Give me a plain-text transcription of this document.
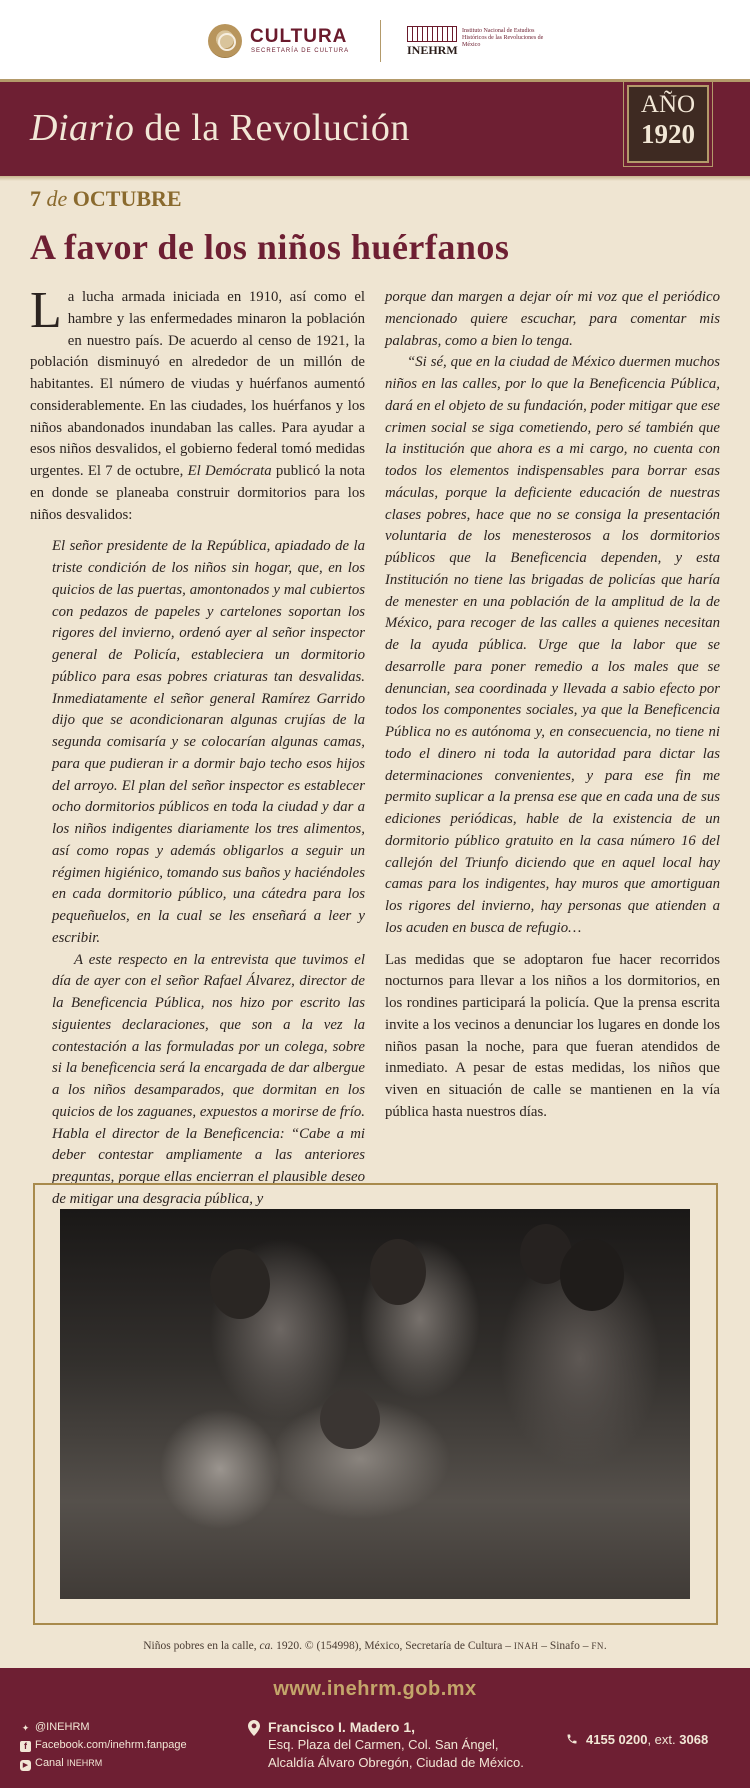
CULTURA
SECRETARÍA DE CULTURA	INEHRM
Instituto Nacional de Estudios Históricos de las Revoluciones de México
Diario de la Revolución
AÑO
1920
7 de OCTUBRE
A favor de los niños huérfanos

La lucha armada iniciada en 1910, así como el hambre y las enfermedades minaron la población en nuestro país. De acuerdo al censo de 1921, la población disminuyó en alrededor de un millón de habitantes. El número de viudas y huérfanos aumentó considerablemente. En las ciudades, los huérfanos y los niños abandonados inundaban las calles. Para ayudar a esos niños desvalidos, el gobierno federal tomó medidas urgentes. El 7 de octubre, El Demócrata publicó la nota en donde se planeaba construir dormitorios para los niños desvalidos:

El señor presidente de la República, apiadado de la triste condición de los niños sin hogar, que, en los quicios de las puertas, amontonados y mal cubiertos con pedazos de papeles y cartelones soportan los rigores del invierno, ordenó ayer al señor inspector general de Policía, estableciera un dormitorio público para esas pobres criaturas tan desvalidas. Inmediatamente el señor general Ramírez Garrido dijo que se acondicionaran algunas crujías de la segunda comisaría y se colocarían algunas camas, para que pudieran ir a dormir bajo techo esos hijos del arroyo. El plan del señor inspector es establecer ocho dormitorios públicos en toda la ciudad y dar a los niños indigentes diariamente los tres alimentos, así como ropas y además obligarlos a seguir un régimen higiénico, tomando sus baños y haciéndoles en cada dormitorio público, una cátedra para los pequeñuelos, en la cual se les enseñará a leer y escribir.

A este respecto en la entrevista que tuvimos el día de ayer con el señor Rafael Álvarez, director de la Beneficencia Pública, nos hizo por escrito las siguientes declaraciones, que son a la vez la contestación a las formuladas por un colega, sobre si la beneficencia será la encargada de dar albergue a los niños desamparados, que dormitan en los quicios de los zaguanes, expuestos a morirse de frío. Habla el director de la Beneficencia: “Cabe a mi deber contestar ampliamente a las anteriores preguntas, porque ellas encierran el plausible deseo de mitigar una desgracia pública, y

porque dan margen a dejar oír mi voz que el periódico mencionado quiere escuchar, para comentar mis palabras, como a bien lo tenga.

“Si sé, que en la ciudad de México duermen muchos niños en las calles, por lo que la Beneficencia Pública, dará en el objeto de su fundación, poder mitigar que ese crimen social se siga cometiendo, pero sé también que la institución que ahora es a mi cargo, no cuenta con todos los elementos indispensables para borrar esas máculas, porque la deficiente educación de nuestras clases pobres, hace que no se consiga la presentación voluntaria de los menesterosos a los dormitorios públicos que la Beneficencia dependen, y esta Institución no tiene las brigadas de policías que haría de menester en una población de la amplitud de la de México, para recoger de las calles a quienes necesitan de la ayuda pública. Urge que la labor que se desarrolle para poner remedio a los males que se denuncian, sea coordinada y llevada a sabio efecto por todos los componentes sociales, ya que la Beneficencia Pública no es autónoma y, en consecuencia, no tiene ni todo el dinero ni toda la autoridad para dictar las determinaciones convenientes, y para ese fin me permito suplicar a la prensa ese que en cada una de sus ediciones periódicas, hable de la existencia de un dormitorio público gratuito en la casa número 16 del callejón del Triunfo diciendo que en aquel local hay camas para los indigentes, hay muros que amortiguan los rigores del invierno, hay personas que atienden a los acuden en busca de refugio…

Las medidas que se adoptaron fue hacer recorridos nocturnos para llevar a los niños a los dormitorios, en los rondines participará la policía. Que la prensa escrita invite a los vecinos a denunciar los lugares en donde los niños pasan la noche, para que fueran atendidos de inmediato. A pesar de estas medidas, los niños que viven en situación de calle se mantienen en la vía pública hasta nuestros días.

Niños pobres en la calle, ca. 1920. © (154998), México, Secretaría de Cultura – INAH – Sinafo – FN.
www.inehrm.gob.mx
✦ @INEHRM
f Facebook.com/inehrm.fanpage
▶ Canal INEHRM
Francisco I. Madero 1,
Esq. Plaza del Carmen, Col. San Ángel,
Alcaldía Álvaro Obregón, Ciudad de México.
4155 0200, ext. 3068
